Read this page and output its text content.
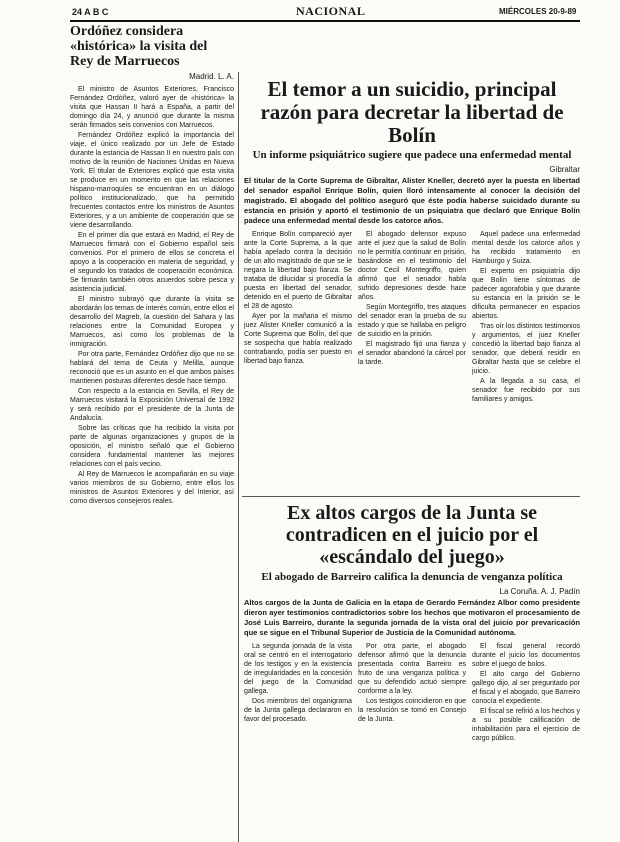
24 A B C	NACIONAL	MIÉRCOLES 20-9-89
Ordóñez considera «histórica» la visita del Rey de Marruecos
Madrid. L. A.

El ministro de Asuntos Exteriores, Francisco Fernández Ordóñez, valoró ayer de «histórica» la visita que Hassan II hará a España, a partir del domingo día 24, y anunció que durante la misma serán firmados seis convenios con Marruecos.

Fernández Ordóñez explicó la importancia del viaje, el único realizado por un Jefe de Estado durante la estancia de Hassan II en nuestro país con motivo de la reunión de Naciones Unidas en Nueva York. El titular de Exteriores explicó que esta visita se produce en un momento en que las relaciones hispano-marroquíes se encuentran en un diálogo político institucionalizado, que ha permitido frecuentes contactos entre los ministros de Asuntos Exteriores, y a un ambiente de cooperación que se viene desarrollando.

En el primer día que estará en Madrid, el Rey de Marruecos firmará con el Gobierno español seis convenios. Por el primero de ellos se concreta el apoyo a la cooperación en materia de seguridad, y el segundo los tratados de cooperación económica. Se firmarán también otros acuerdos sobre pesca y asistencia judicial.

El ministro subrayó que durante la visita se abordarán los temas de interés común, entre ellos el desarrollo del Magreb, la cuestión del Sahara y las relaciones entre la Comunidad Europea y Marruecos, así como los problemas de la inmigración.

Por otra parte, Fernández Ordóñez dijo que no se hablará del tema de Ceuta y Melilla, aunque reconoció que es un asunto en el que ambos países mantienen posturas diferentes desde hace tiempo.

Con respecto a la estancia en Sevilla, el Rey de Marruecos visitará la Exposición Universal de 1992 y será recibido por el presidente de la Junta de Andalucía.

Sobre las críticas que ha recibido la visita por parte de algunas organizaciones y grupos de la oposición, el ministro señaló que el Gobierno considera fundamental mantener las mejores relaciones con el país vecino.

Al Rey de Marruecos le acompañarán en su viaje varios miembros de su Gobierno, entre ellos los ministros de Asuntos Exteriores y del Interior, así como diversos consejeros reales.

El temor a un suicidio, principal razón para decretar la libertad de Bolín
Un informe psiquiátrico sugiere que padece una enfermedad mental
Gibraltar
El titular de la Corte Suprema de Gibraltar, Alister Kneller, decretó ayer la puesta en libertad del senador español Enrique Bolín, quien lloró intensamente al conocer la decisión del magistrado. El abogado del político aseguró que éste podía haberse suicidado durante su estancia en prisión y aportó el testimonio de un psiquiatra que declaró que Enrique Bolín padece una enfermedad mental desde los catorce años.

Enrique Bolín compareció ayer ante la Corte Suprema, a la que había apelado contra la decisión de un alto magistrado de que se le negara la libertad bajo fianza. Se trataba de dilucidar si procedía la puesta en libertad del senador, detenido en el puerto de Gibraltar el 28 de agosto.

Ayer por la mañana el mismo juez Alister Kneller comunicó a la Corte Suprema que Bolín, del que se sospecha que había realizado contrabando, podía ser puesto en libertad bajo fianza.

El abogado defensor expuso ante el juez que la salud de Bolín no le permitía continuar en prisión, basándose en el testimonio del doctor Cecil Montegriffo, quien afirmó que el senador había sufrido depresiones desde hace años.

Según Montegriffo, tres ataques del senador eran la prueba de su estado y que se hallaba en peligro de suicidio en la prisión.

El magistrado fijó una fianza y el senador abandonó la cárcel por la tarde.

Aquel padece una enfermedad mental desde los catorce años y ha recibido tratamiento en Hamburgo y Suiza.

El experto en psiquiatría dijo que Bolín tiene síntomas de padecer agorafobia y que durante su estancia en la prisión se le dificulta permanecer en espacios abiertos.

Tras oír los distintos testimonios y argumentos, el juez Kneller concedió la libertad bajo fianza al senador, que deberá residir en Gibraltar hasta que se celebre el juicio.

A la llegada a su casa, el senador fue recibido por sus familiares y amigos.

Ex altos cargos de la Junta se contradicen en el juicio por el «escándalo del juego»
El abogado de Barreiro califica la denuncia de venganza política
La Coruña. A. J. Padín
Altos cargos de la Junta de Galicia en la etapa de Gerardo Fernández Albor como presidente dieron ayer testimonios contradictorios sobre los hechos que motivaron el procesamiento de José Luis Barreiro, durante la segunda jornada de la vista oral del juicio por prevaricación que se sigue en el Tribunal Superior de Justicia de la Comunidad autónoma.

La segunda jornada de la vista oral se centró en el interrogatorio de los testigos y en la existencia de irregularidades en la concesión del juego de la Comunidad gallega.

Dos miembros del organigrama de la Junta gallega declararon en favor del procesado.

Por otra parte, el abogado defensor afirmó que la denuncia presentada contra Barreiro es fruto de una venganza política y que su defendido actuó siempre conforme a la ley.

Los testigos coincidieron en que la resolución se tomó en Consejo de la Junta.

El fiscal general recordó durante el juicio los documentos sobre el juego de bolos.

El alto cargo del Gobierno gallego dijo, al ser preguntado por el fiscal y el abogado, que Barreiro conocía el expediente.

El fiscal se refirió a los hechos y a su posible calificación de inhabilitación para el ejercicio de cargo público.
